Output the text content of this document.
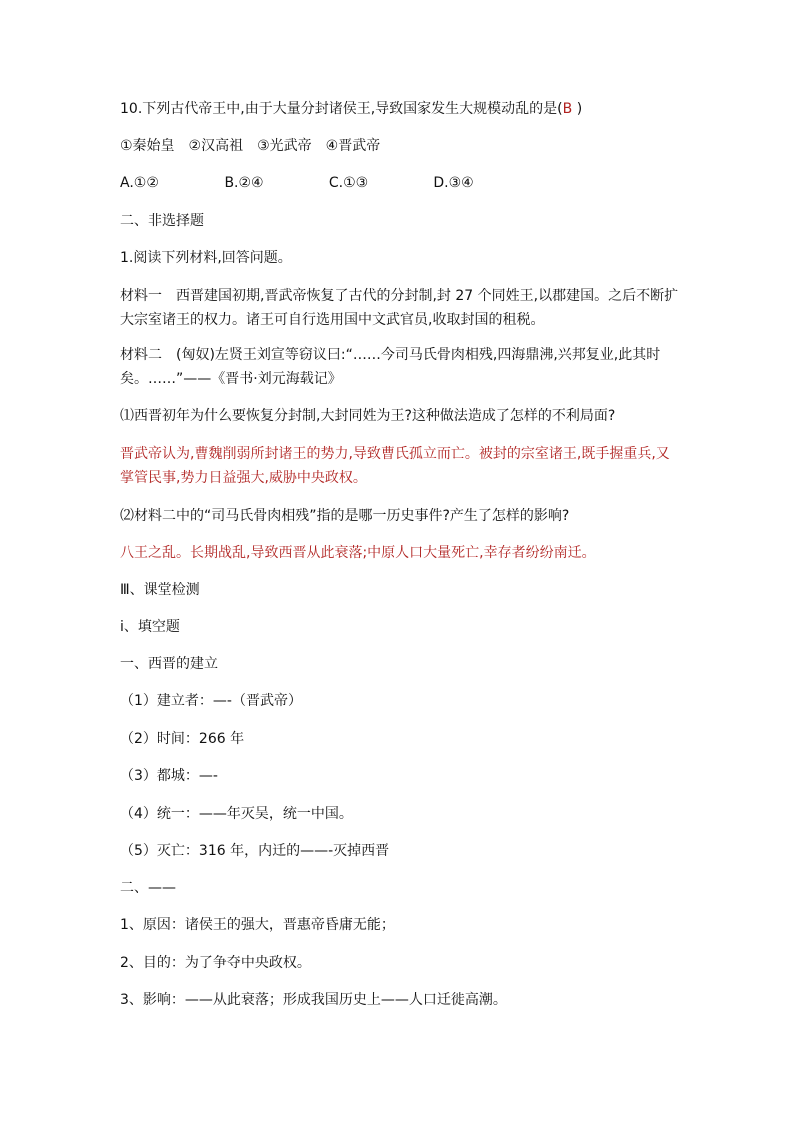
10.下列古代帝王中,由于大量分封诸侯王,导致国家发生大规模动乱的是(B )
①秦始皇　②汉高祖　③光武帝　④晋武帝
A.①②	B.②④	C.①③	D.③④
二、非选择题
1.阅读下列材料,回答问题。
材料一　西晋建国初期,晋武帝恢复了古代的分封制,封 27 个同姓王,以郡建国。之后不断扩大宗室诸王的权力。诸王可自行选用国中文武官员,收取封国的租税。
材料二　(匈奴)左贤王刘宣等窃议曰:“……今司马氏骨肉相残,四海鼎沸,兴邦复业,此其时矣。……”——《晋书·刘元海载记》
⑴西晋初年为什么要恢复分封制,大封同姓为王?这种做法造成了怎样的不利局面?
晋武帝认为,曹魏削弱所封诸王的势力,导致曹氏孤立而亡。被封的宗室诸王,既手握重兵,又掌管民事,势力日益强大,威胁中央政权。
⑵材料二中的“司马氏骨肉相残”指的是哪一历史事件?产生了怎样的影响?
八王之乱。长期战乱,导致西晋从此衰落;中原人口大量死亡,幸存者纷纷南迁。
Ⅲ、课堂检测
ⅰ、填空题
一、西晋的建立
（1）建立者：—-（晋武帝）
（2）时间：266 年
（3）都城：—-
（4）统一：——年灭吴，统一中国。
（5）灭亡：316 年，内迁的——-灭掉西晋
二、——
1、原因：诸侯王的强大，晋惠帝昏庸无能；
2、目的：为了争夺中央政权。
3、影响：——从此衰落；形成我国历史上——人口迁徙高潮。
